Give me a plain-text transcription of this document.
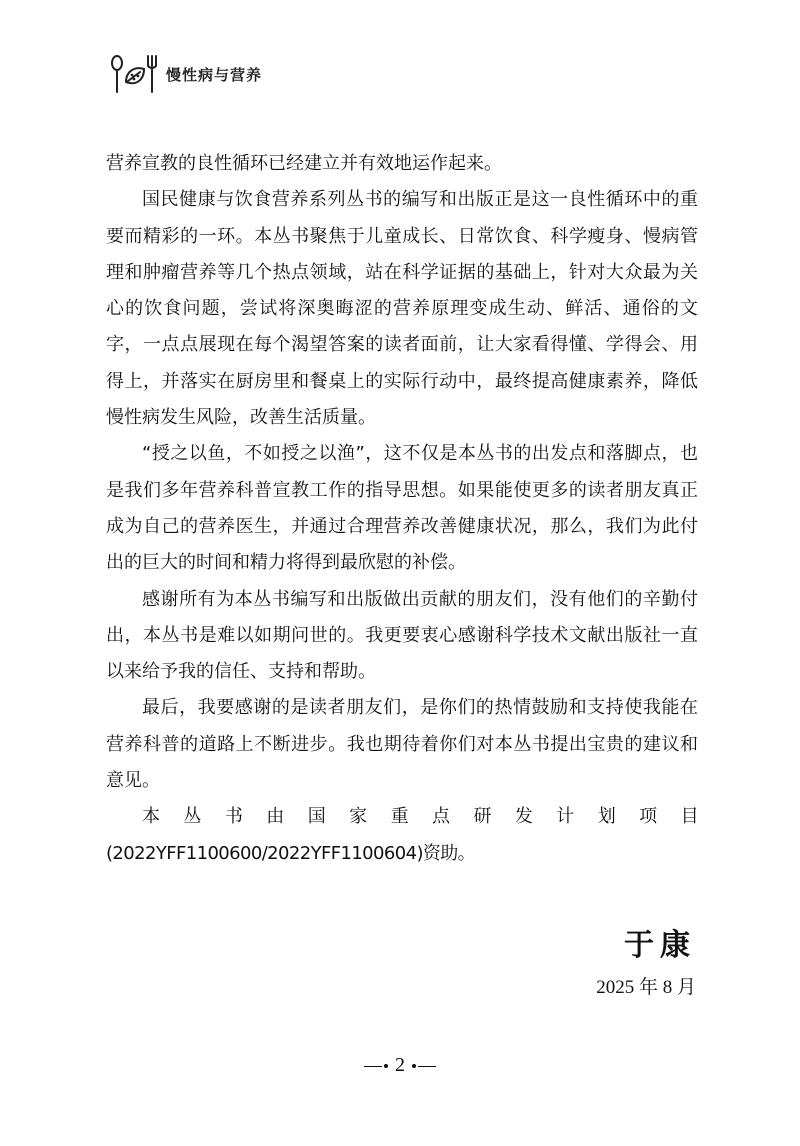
慢性病与营养

营养宣教的良性循环已经建立并有效地运作起来。

国民健康与饮食营养系列丛书的编写和出版正是这一良性循环中的重要而精彩的一环。本丛书聚焦于儿童成长、日常饮食、科学瘦身、慢病管理和肿瘤营养等几个热点领域，站在科学证据的基础上，针对大众最为关心的饮食问题，尝试将深奥晦涩的营养原理变成生动、鲜活、通俗的文字，一点点展现在每个渴望答案的读者面前，让大家看得懂、学得会、用得上，并落实在厨房里和餐桌上的实际行动中，最终提高健康素养，降低慢性病发生风险，改善生活质量。

“授之以鱼，不如授之以渔”，这不仅是本丛书的出发点和落脚点，也是我们多年营养科普宣教工作的指导思想。如果能使更多的读者朋友真正成为自己的营养医生，并通过合理营养改善健康状况，那么，我们为此付出的巨大的时间和精力将得到最欣慰的补偿。

感谢所有为本丛书编写和出版做出贡献的朋友们，没有他们的辛勤付出，本丛书是难以如期问世的。我更要衷心感谢科学技术文献出版社一直以来给予我的信任、支持和帮助。

最后，我要感谢的是读者朋友们，是你们的热情鼓励和支持使我能在营养科普的道路上不断进步。我也期待着你们对本丛书提出宝贵的建议和意见。

本丛书由国家重点研发计划项目(2022YFF1100600/2022YFF1100604)资助。

于康
2025 年 8 月
2
